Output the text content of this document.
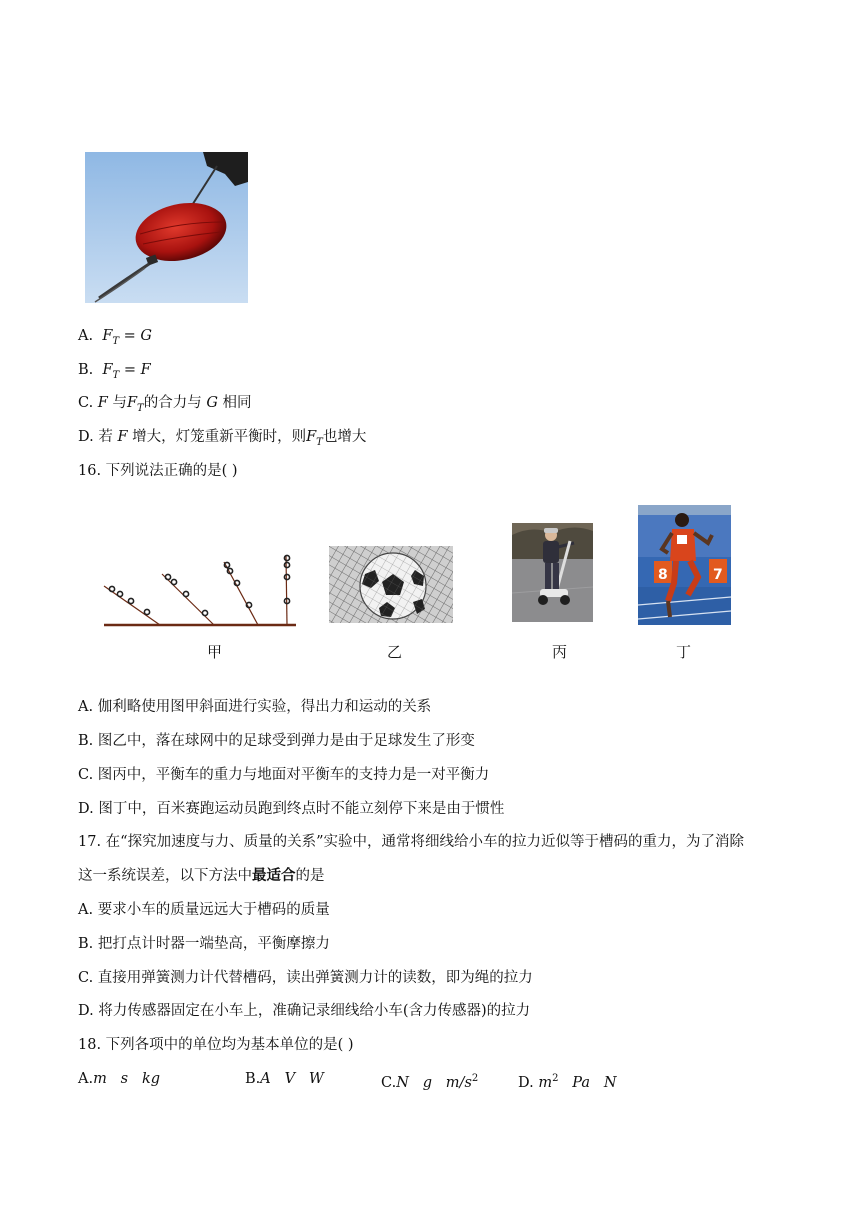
A. $F_T = G$
B. $F_T = F$
C. F 与$F_T$的合力与 G 相同
D. 若 F 增大，灯笼重新平衡时，则$F_T$也增大
16. 下列说法正确的是( )
8	7
甲	乙	丙	丁
A. 伽利略使用图甲斜面进行实验，得出力和运动的关系
B. 图乙中，落在球网中的足球受到弹力是由于足球发生了形变
C. 图丙中，平衡车的重力与地面对平衡车的支持力是一对平衡力
D. 图丁中，百米赛跑运动员跑到终点时不能立刻停下来是由于惯性
17. 在“探究加速度与力、质量的关系”实验中，通常将细线给小车的拉力近似等于槽码的重力，为了消除
这一系统误差，以下方法中最适合的是
A. 要求小车的质量远远大于槽码的质量
B. 把打点计时器一端垫高，平衡摩擦力
C. 直接用弹簧测力计代替槽码，读出弹簧测力计的读数，即为绳的拉力
D. 将力传感器固定在小车上，准确记录细线给小车(含力传感器)的拉力
18. 下列各项中的单位均为基本单位的是( )
A.m   s   kg	B.A   V   W	C.N   g   $m/s^2$	D. $m^2$ Pa   N
